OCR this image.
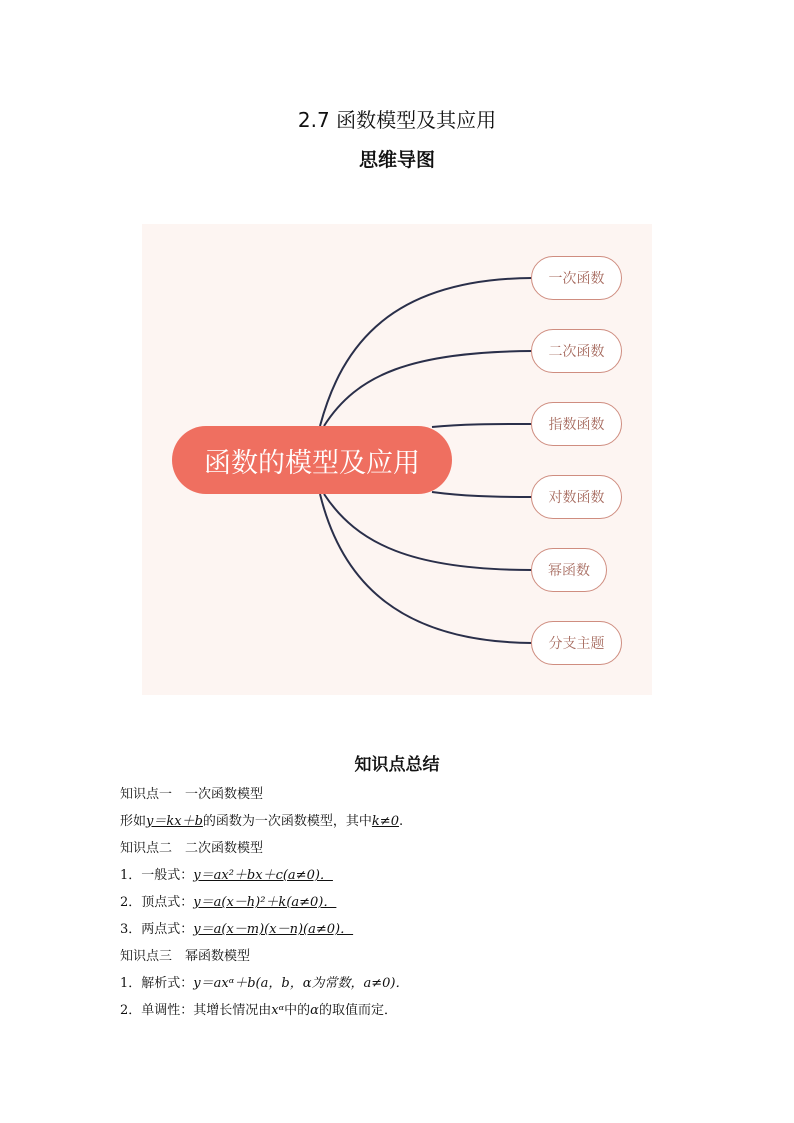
2.7 函数模型及其应用
思维导图
函数的模型及应用
一次函数
二次函数
指数函数
对数函数
幂函数
分支主题
知识点总结
知识点一　一次函数模型
形如y＝kx＋b的函数为一次函数模型，其中k≠0.
知识点二　二次函数模型
1．一般式：y＝ax²＋bx＋c(a≠0)．
2．顶点式：y＝a(x－h)²＋k(a≠0)．
3．两点式：y＝a(x－m)(x－n)(a≠0)．
知识点三　幂函数模型
1．解析式：y＝axᵅ＋b(a，b，α为常数，a≠0)．
2．单调性：其增长情况由xᵅ中的α的取值而定．
